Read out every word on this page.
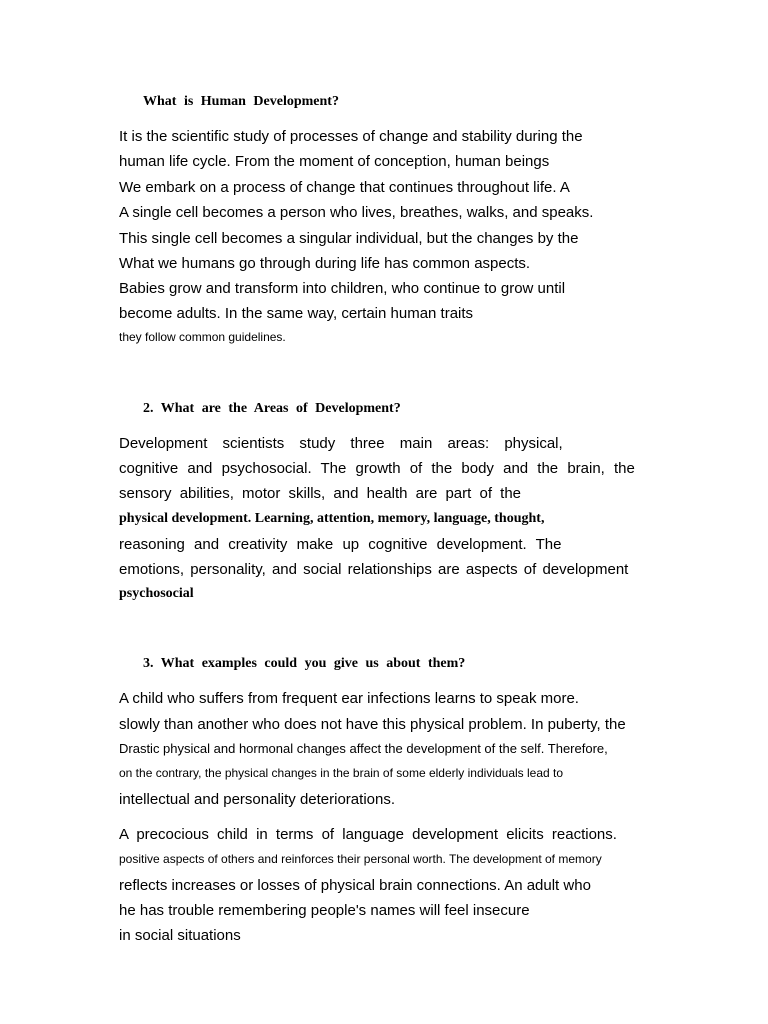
What is Human Development?
It is the scientific study of processes of change and stability during the
human life cycle. From the moment of conception, human beings
We embark on a process of change that continues throughout life. A
A single cell becomes a person who lives, breathes, walks, and speaks.
This single cell becomes a singular individual, but the changes by the
What we humans go through during life has common aspects.
Babies grow and transform into children, who continue to grow until
become adults. In the same way, certain human traits
they follow common guidelines.
2. What are the Areas of Development?
Development scientists study three main areas: physical,
cognitive and psychosocial. The growth of the body and the brain, the
sensory abilities, motor skills, and health are part of the
physical development. Learning, attention, memory, language, thought,
reasoning and creativity make up cognitive development. The
emotions, personality, and social relationships are aspects of development
psychosocial
3. What examples could you give us about them?
A child who suffers from frequent ear infections learns to speak more.
slowly than another who does not have this physical problem. In puberty, the
Drastic physical and hormonal changes affect the development of the self. Therefore,
on the contrary, the physical changes in the brain of some elderly individuals lead to
intellectual and personality deteriorations.
A precocious child in terms of language development elicits reactions.
positive aspects of others and reinforces their personal worth. The development of memory
reflects increases or losses of physical brain connections. An adult who
he has trouble remembering people's names will feel insecure
in social situations
